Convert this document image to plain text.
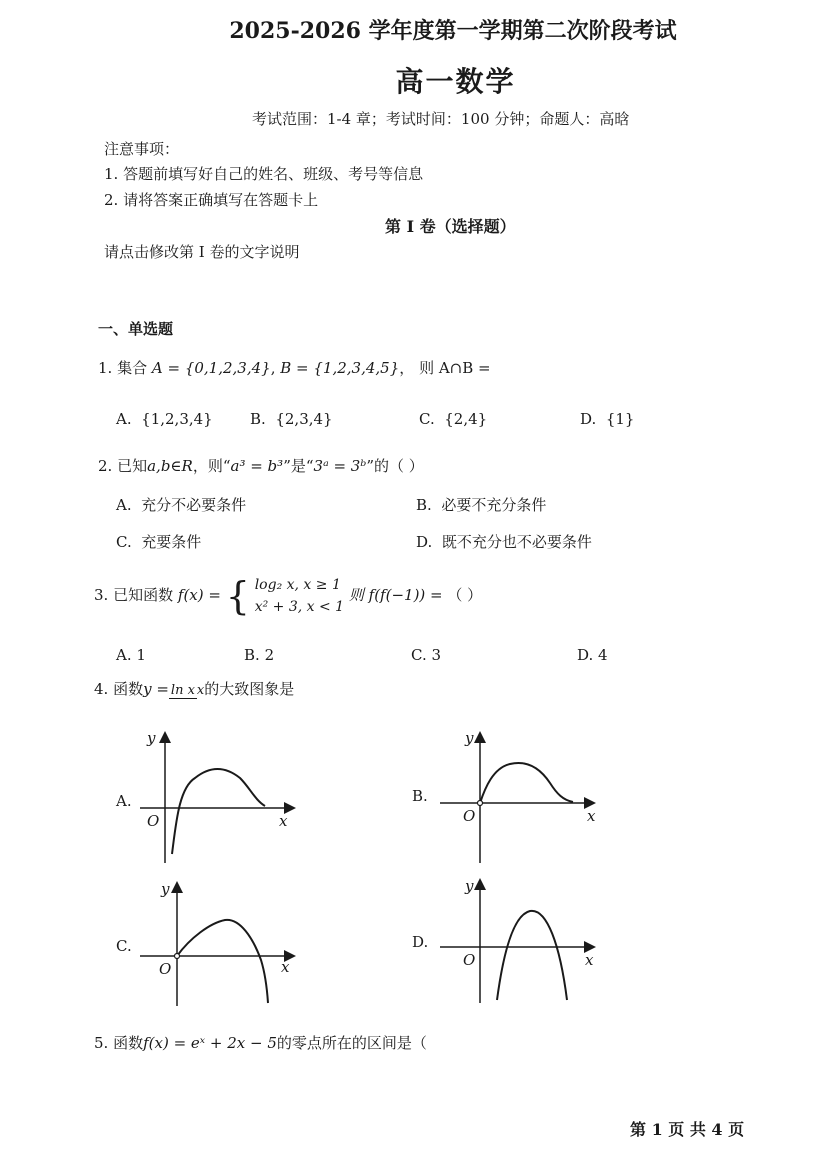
2025-2026 学年度第一学期第二次阶段考试
高一数学
考试范围：1-4 章；考试时间：100 分钟；命题人：高晗
注意事项：
1. 答题前填写好自己的姓名、班级、考号等信息
2. 请将答案正确填写在答题卡上
第 I 卷（选择题）
请点击修改第 I 卷的文字说明
一、单选题
1. 集合 A = {0,1,2,3,4}, B = {1,2,3,4,5}， 则 A∩B =
A. {1,2,3,4} B. {2,3,4}	C. {2,4}	D. {1}
2. 已知a,b∈R，则“a³ = b³”是“3ᵃ = 3ᵇ”的（ ）
A. 充分不必要条件	B. 必要不充分条件
C. 充要条件	D. 既不充分也不必要条件
3. 已知函数 f(x) = { log₂ x, x ≥ 1
x² + 3, x < 1
则 f(f(−1)) = （ ）
A. 1	B. 2	C. 3	D. 4
4. 函数y = ln x x的大致图象是
A.
y
x
O
B.
y
x
O
C.
y
x
O
D.
y
x
O
5. 函数f(x) = eˣ + 2x − 5的零点所在的区间是（
第 1 页 共 4 页
